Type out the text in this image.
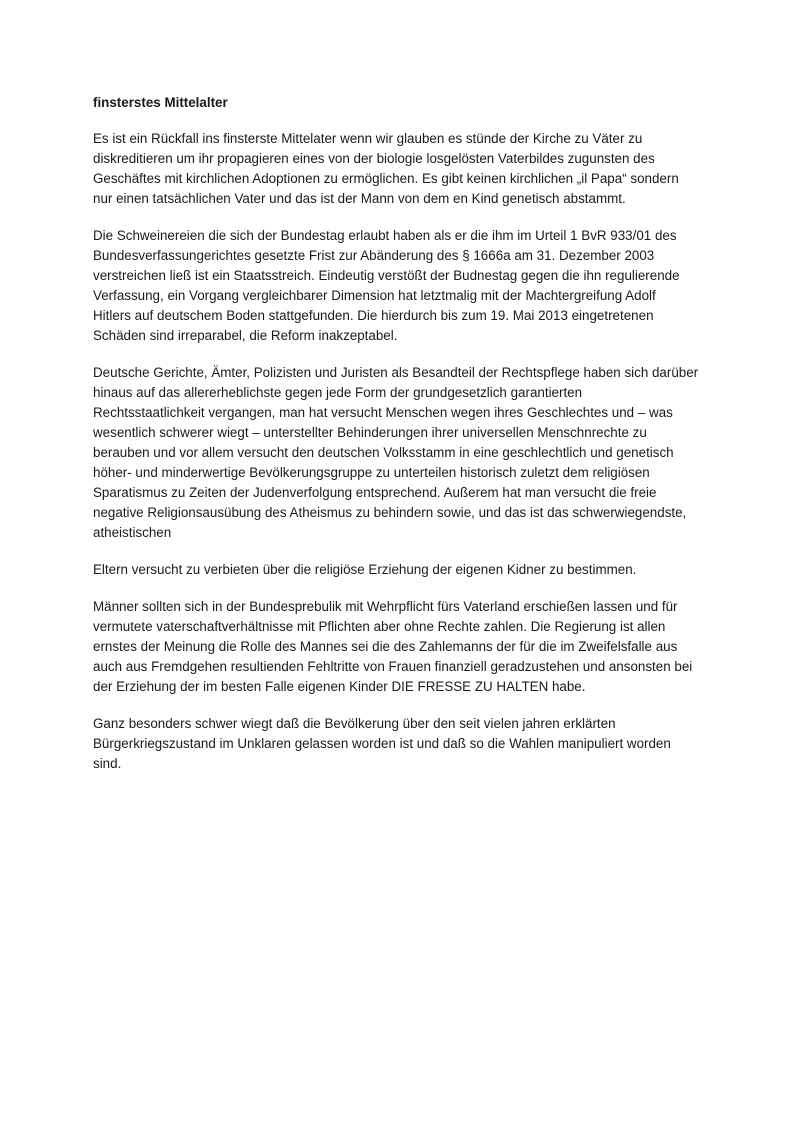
finsterstes Mittelalter
Es ist ein Rückfall ins finsterste Mittelater wenn wir glauben es stünde der Kirche zu Väter zu
diskreditieren um ihr propagieren eines von der biologie losgelösten Vaterbildes zugunsten des
Geschäftes mit kirchlichen Adoptionen zu ermöglichen. Es gibt keinen kirchlichen „il Papa“ sondern
nur einen tatsächlichen Vater und das ist der Mann von dem en Kind genetisch abstammt.
Die Schweinereien die sich der Bundestag erlaubt haben als er die ihm im Urteil 1 BvR 933/01 des
Bundesverfassungerichtes gesetzte Frist zur Abänderung des § 1666a am 31. Dezember 2003
verstreichen ließ ist ein Staatsstreich. Eindeutig verstößt der Budnestag gegen die ihn regulierende
Verfassung, ein Vorgang vergleichbarer Dimension hat letztmalig mit der Machtergreifung Adolf
Hitlers auf deutschem Boden stattgefunden. Die hierdurch bis zum 19. Mai 2013 eingetretenen
Schäden sind irreparabel, die Reform inakzeptabel.
Deutsche Gerichte, Ämter, Polizisten und Juristen als Besandteil der Rechtspflege haben sich darüber
hinaus auf das allererheblichste gegen jede Form der grundgesetzlich garantierten
Rechtsstaatlichkeit vergangen, man hat versucht Menschen wegen ihres Geschlechtes und – was
wesentlich schwerer wiegt – unterstellter Behinderungen ihrer universellen Menschnrechte zu
berauben und vor allem versucht den deutschen Volksstamm in eine geschlechtlich und genetisch
höher- und minderwertige Bevölkerungsgruppe zu unterteilen historisch zuletzt dem religiösen
Sparatismus zu Zeiten der Judenverfolgung entsprechend. Außerem hat man versucht die freie
negative Religionsausübung des Atheismus zu behindern sowie, und das ist das schwerwiegendste,
atheistischen
Eltern versucht zu verbieten über die religiöse Erziehung der eigenen Kidner zu bestimmen.
Männer sollten sich in der Bundesprebulik mit Wehrpflicht fürs Vaterland erschießen lassen und für
vermutete vaterschaftverhältnisse mit Pflichten aber ohne Rechte zahlen. Die Regierung ist allen
ernstes der Meinung die Rolle des Mannes sei die des Zahlemanns der für die im Zweifelsfalle aus
auch aus Fremdgehen resultienden Fehltritte von Frauen finanziell geradzustehen und ansonsten bei
der Erziehung der im besten Falle eigenen Kinder DIE FRESSE ZU HALTEN habe.
Ganz besonders schwer wiegt daß die Bevölkerung über den seit vielen jahren erklärten
Bürgerkriegszustand im Unklaren gelassen worden ist und daß so die Wahlen manipuliert worden
sind.
